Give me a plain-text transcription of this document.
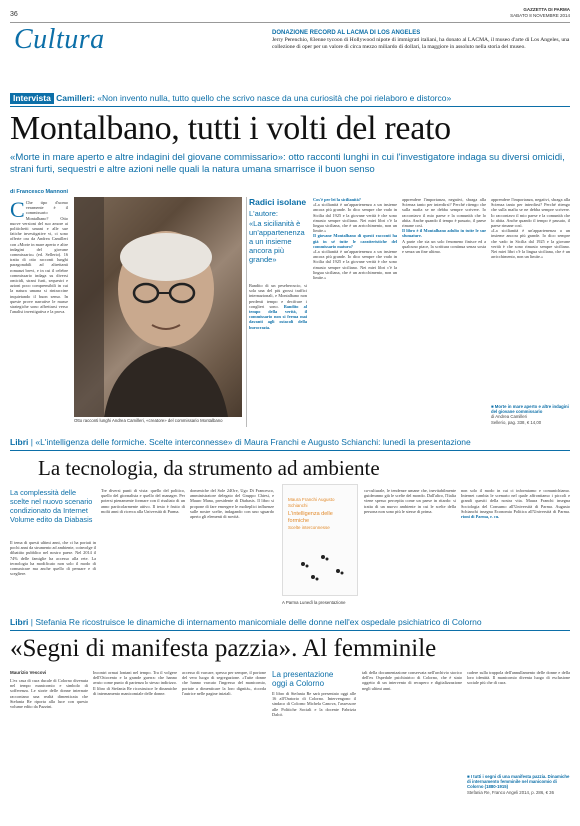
36
GAZZETTA DI PARMA
SABATO 8 NOVEMBRE 2014
Cultura	DONAZIONE RECORD AL LACMA DI LOS ANGELES
Jerry Perenchio, 83enne tycoon di Hollywood nipote di immigrati italiani, ha donato al LACMA, il museo d'arte di Los Angeles, una collezione di oper per un valore di circa mezzo miliardo di dollari, la maggiore in assoluto nella storia del museo.
Intervista Camilleri: «Non invento nulla, tutto quello che scrivo nasce da una curiosità che poi rielaboro e distorco»
Montalbano, tutti i volti del reato
«Morte in mare aperto e altre indagini del giovane commissario»: otto racconti lunghi in cui l'investigatore indaga su diversi omicidi, strani furti, sequestri e altre azioni nelle quali la natura umana smarrisce il buon senso
di Francesco Mannoni
C Che tipo d'uomo veramente è il commissario Montalbano? Otto nuove versioni del suo amore ai politichetti umani e alle sue fatiche investigative vi, ci sono offerte ora da Andrea Camilleri con «Morte in mare aperto e altre indagini del giovane commissario» (ed. Sellerio). 16 tratta di otto racconti lunghi paragonabili ad altrettanti romanzi brevi, e in cui il celebre commissario indaga su diversi omicidi, strani furti, sequestri e azioni poco comprensibili in cui la natura umana si rintraccine inquietando il buon senso. In queste prove narrative le masse strategiche sono affrettarsi verso l'analisi investigativa e la prova.
Otto racconti lunghi Andrea Camilleri, «creatore» del commissario Montalbano
Radici isolane
L'autore:
«La sicilianità è un'appartenenza a un insieme ancora più grande»
Bandito di un peseberoscio, si sola una del più grossi traffici internazionali, e Montalbano non perdenti tempo e decifrare i conglieri sono. Bandito al tempo della verità, il commissario non si ferma mai davanti agli ostacoli della burocrazia.
Cos'è per lei la sicilianità?
«La sicilianità è un'appartenenza a un insieme ancora più grande. Io dico sempre che vado in Sicilia dal 1925 e la giovane verità è che sono rimasto sempre siciliano. Nei miei libri c'è la lingua siciliana, che è un arricchimento, non un limite.»
Il giovane Montalbano di questi racconti ha già in sé tutte le caratteristiche del commissario maturo?
«La sicilianità è un'appartenenza a un insieme ancora più grande. Io dico sempre che vado in Sicilia dal 1925 e la giovane verità è che sono rimasto sempre siciliano. Nei miei libri c'è la lingua siciliana, che è un arricchimento, non un limite.»
apprendere l'importanza, negativi, sbraga alla Scienza tanto per interdirsi? Perché ritengo che sulla mafia se ne debba sempre scrivere. Io raccontavo il mio paese e la comunità che lo abita. Anche quando il tempo è passato, il paese rimane così.
Il libro è il Montalbano adulto in tutte le sue sfumature.
A parte che sia un solo fenomeno finisce ed a qualcuno piace, la scrittura continua senza sosta e senza un fine ultimo.
apprendere l'importanza, negativi, sbraga alla Scienza tanto per interdirsi? Perché ritengo che sulla mafia se ne debba sempre scrivere. Io raccontavo il mio paese e la comunità che lo abita. Anche quando il tempo è passato, il paese rimane così.
«La sicilianità è un'appartenenza a un insieme ancora più grande. Io dico sempre che vado in Sicilia dal 1925 e la giovane verità è che sono rimasto sempre siciliano. Nei miei libri c'è la lingua siciliana, che è un arricchimento, non un limite.»
■ Morte in mare aperto e altre indagini del giovane commissario
di Andrea Camilleri
Sellerio, pag. 338, € 14,00
Libri | «L'intelligenza delle formiche. Scelte interconnesse» di Maura Franchi e Augusto Schianchi: lunedì la presentazione
La tecnologia, da strumento ad ambiente
La complessità delle scelte nel nuovo scenario condizionato da Internet Volume edito da Diabasis
Il tema di questi ultimi anni, che ci ha portati in pochi anni da strumento ad ambiente, coinvolge il dibattito pubblico nel nostro paese. Nel 2014 il 74% delle famiglie ha accesso alla rete. La tecnologia ha modificato non solo il modo di comunicare ma anche quello di pensare e di scegliere.
Tre diversi punti di vista: quello del politico, quello del giornalista e quello del manager. Per potersi pienamente formare con il risultato di un anno particolarmente attivo. Il testo è frutto di molti anni di ricerca alla Università di Parma.
domeniche del Sole 24Ore, Ugo Di Francesco, amministratore delegato del Gruppo Chiesi, e Mauro Mana, presidente di Diabasis. Il libro si propone di fare emergere le molteplici influenze sulle nostre scelte, indagando con uno sguardo aperto gli elementi di novità.
Maura Franchi Augusto Schianchi
L'intelligenza delle formiche
Scelte interconnesse
A Parma Lunedì la presentazione
ca-culturale, le tendenze umane che, inevitabilmente guideranno già le scelte del mondo. Dall'altro, l'Italia viene spesso percepita come un paese in ritardo: si tratta di un nuovo ambiente in cui le scelte della persona non sono più le stesse di prima.
non solo il modo in cui ci informiamo e comunichiamo. Internet cambia le scenario nel quale affrontiamo i piccoli e grandi quesiti della nostra vita. Maura Franchi insegna Sociologia del Consumo all'Università di Parma. Augusto Schianchi insegna Economia Politica all'Università di Parma. rioni di Parma, r. cu.
Libri | Stefania Re ricostruisce le dinamiche di internamento manicomiale delle donne nell'ex ospedale psichiatrico di Colorno
«Segni di manifesta pazzia». Al femminile
Maurizio Vescovi
L'ex casa di cura ducale di Colorno divenuta nel tempo manicomio e simbolo di sofferenza. Le storie delle donne internate raccontano una realtà dimenticata che Stefania Re riporta alla luce con questo volume edito da Pazzini.
Incontri ormai lontani nel tempo. Tra il volgere dell'Ottocento e la grande guerra: che hanno avuto come punto di partenza lo stesso indirizzo. Il libro di Stefania Re ricostruisce le dinamiche di internamento manicomiale delle donne.
accesso di varcare, spesso per sempre, il portone del vero luogo di segregazione. «Tutte donne che hanno varcato l'ingresso del manicomio, portate a dimenticare la loro dignità», ricorda l'autrice nelle pagine iniziali.
La presentazione
oggi a Colorno
Il libro di Stefania Re sarà presentato oggi alle 16 all'Oratorio di Colorno. Intervengono il sindaco di Colorno Michela Canova, l'assessore alle Politiche Sociali e la docente Fabrizia Dalcò.
tali della documentazione conservata nell'archivio storico dell'ex Ospedale psichiatrico di Colorno, che è stato oggetto di un intervento di recupero e digitalizzazione negli ultimi anni.
cadere sulla trappola dell'annullamento delle donne e della loro identità. Il manicomio diventa luogo di esclusione sociale più che di cura.
■ I tutti i segni di una manifesta pazzia. Dinamiche di internamento femminile nel manicomio di Colorno (1880-1915)
Stefania Re, Franco Angeli 2014, p. 286, € 36
